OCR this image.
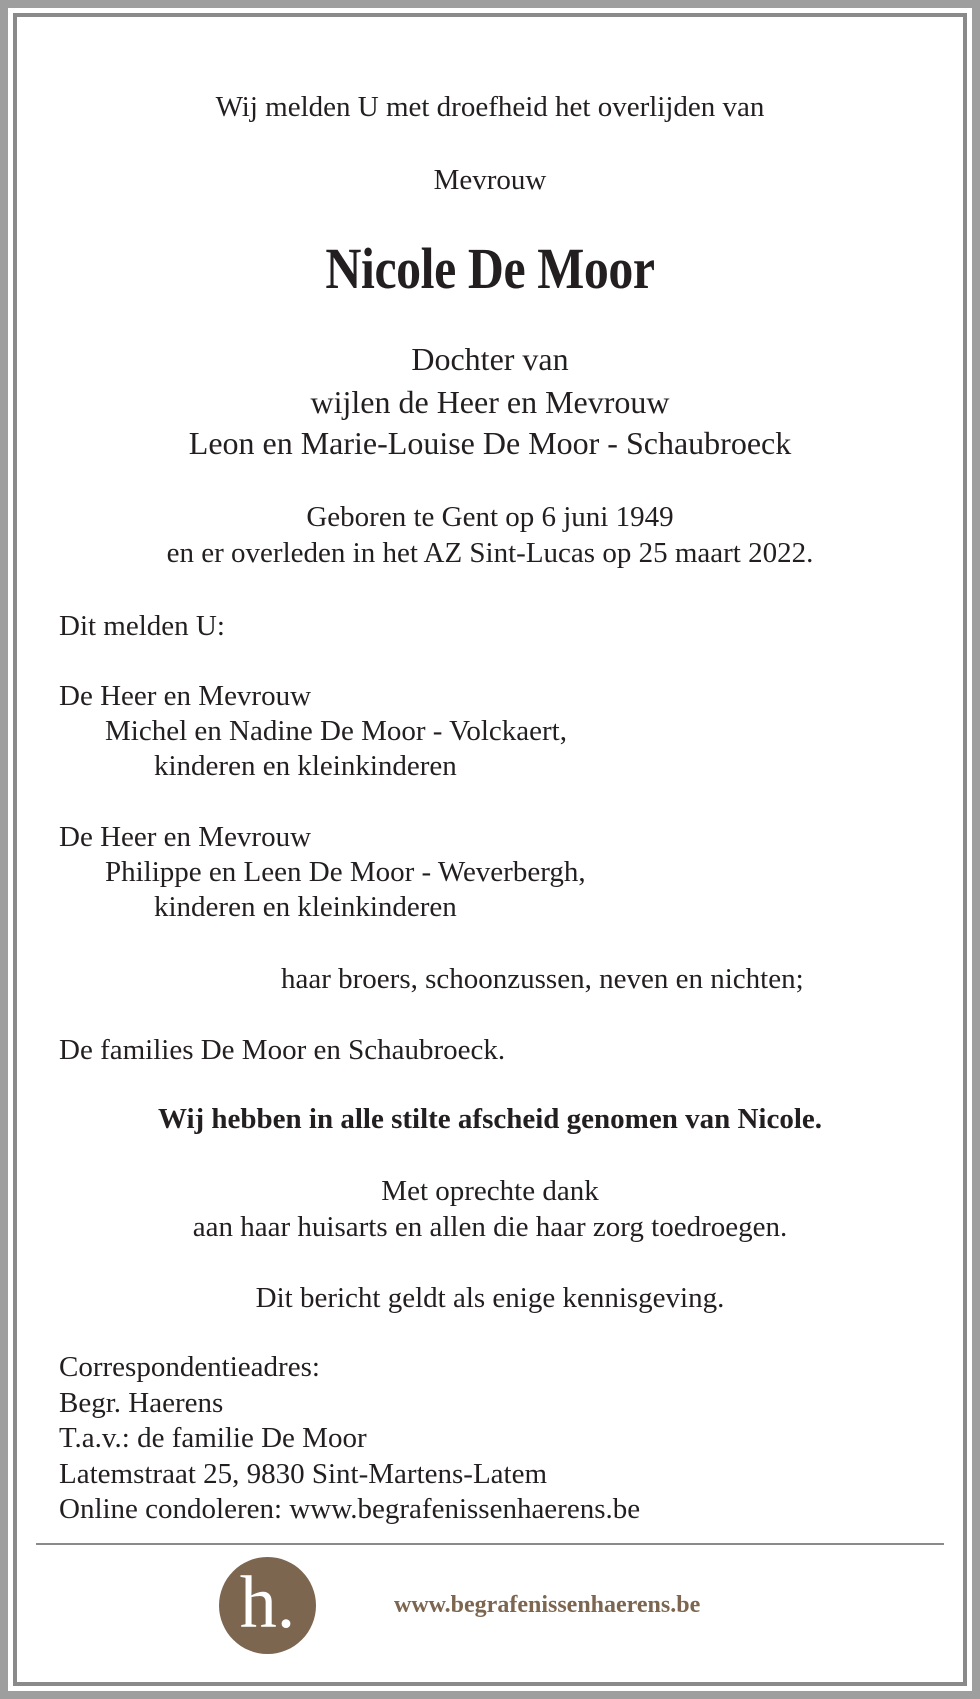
Wij melden U met droefheid het overlijden van
Mevrouw
Nicole De Moor
Dochter van
wijlen de Heer en Mevrouw
Leon en Marie-Louise De Moor - Schaubroeck
Geboren te Gent op 6 juni 1949
en er overleden in het AZ Sint-Lucas op 25 maart 2022.
Dit melden U:
De Heer en Mevrouw
Michel en Nadine De Moor - Volckaert,
kinderen en kleinkinderen
De Heer en Mevrouw
Philippe en Leen De Moor - Weverbergh,
kinderen en kleinkinderen
haar broers, schoonzussen, neven en nichten;
De families De Moor en Schaubroeck.
Wij hebben in alle stilte afscheid genomen van Nicole.
Met oprechte dank
aan haar huisarts en allen die haar zorg toedroegen.
Dit bericht geldt als enige kennisgeving.
Correspondentieadres:
Begr. Haerens
T.a.v.: de familie De Moor
Latemstraat 25, 9830 Sint-Martens-Latem
Online condoleren: www.begrafenissenhaerens.be
h.	www.begrafenissenhaerens.be
